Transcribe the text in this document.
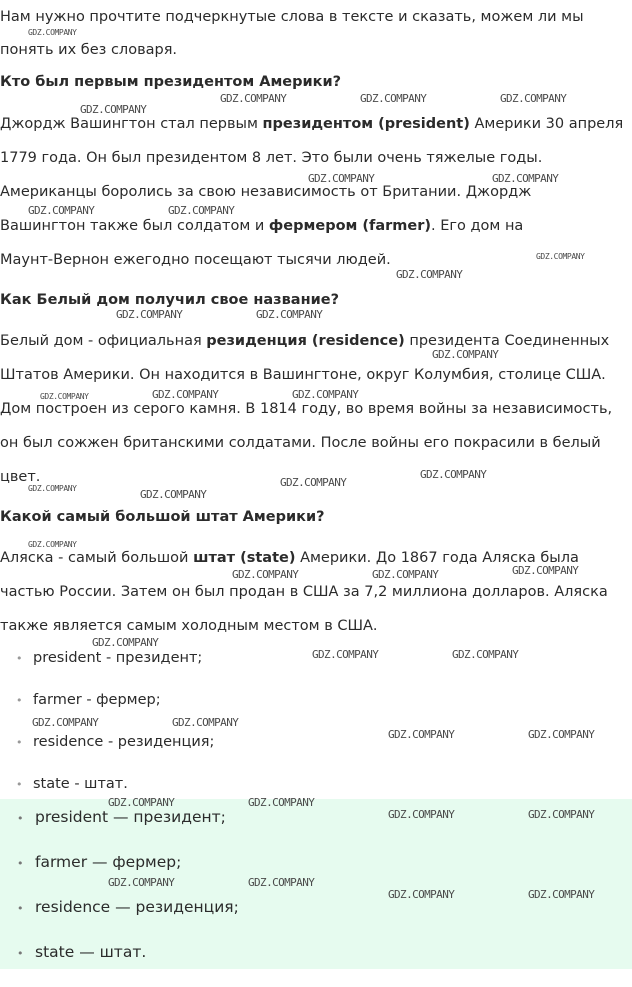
Нам нужно прочтите подчеркнутые слова в тексте и сказать, можем ли мы
понять их без словаря.

Кто был первым президентом Америки?

Джордж Вашингтон стал первым президентом (president) Америки 30 апреля
1779 года. Он был президентом 8 лет. Это были очень тяжелые годы.
Американцы боролись за свою независимость от Британии. Джордж
Вашингтон также был солдатом и фермером (farmer). Его дом на
Маунт-Вернон ежегодно посещают тысячи людей.

Как Белый дом получил свое название?

Белый дом - официальная резиденция (residence) президента Соединенных
Штатов Америки. Он находится в Вашингтоне, округ Колумбия, столице США.
Дом построен из серого камня. В 1814 году, во время войны за независимость,
он был сожжен британскими солдатами. После войны его покрасили в белый
цвет.

Какой самый большой штат Америки?

Аляска - самый большой штат (state) Америки. До 1867 года Аляска была
частью России. Затем он был продан в США за 7,2 миллиона долларов. Аляска
также является самым холодным местом в США.

• president - президент;
• farmer - фермер;
• residence - резиденция;
• state - штат.
• president — президент;
• farmer — фермер;
• residence — резиденция;
• state — штат.
GDZ.COMPANY
GDZ.COMPANY
GDZ.COMPANY	GDZ.COMPANY	GDZ.COMPANY
GDZ.COMPANY	GDZ.COMPANY
GDZ.COMPANY	GDZ.COMPANY
GDZ.COMPANY
GDZ.COMPANY
GDZ.COMPANY	GDZ.COMPANY
GDZ.COMPANY
GDZ.COMPANY	GDZ.COMPANY	GDZ.COMPANY
GDZ.COMPANY
GDZ.COMPANY
GDZ.COMPANY	GDZ.COMPANY
GDZ.COMPANY
GDZ.COMPANY
GDZ.COMPANY	GDZ.COMPANY
GDZ.COMPANY
GDZ.COMPANY	GDZ.COMPANY
GDZ.COMPANY	GDZ.COMPANY
GDZ.COMPANY	GDZ.COMPANY
GDZ.COMPANY	GDZ.COMPANY
GDZ.COMPANY	GDZ.COMPANY
GDZ.COMPANY	GDZ.COMPANY
GDZ.COMPANY	GDZ.COMPANY
